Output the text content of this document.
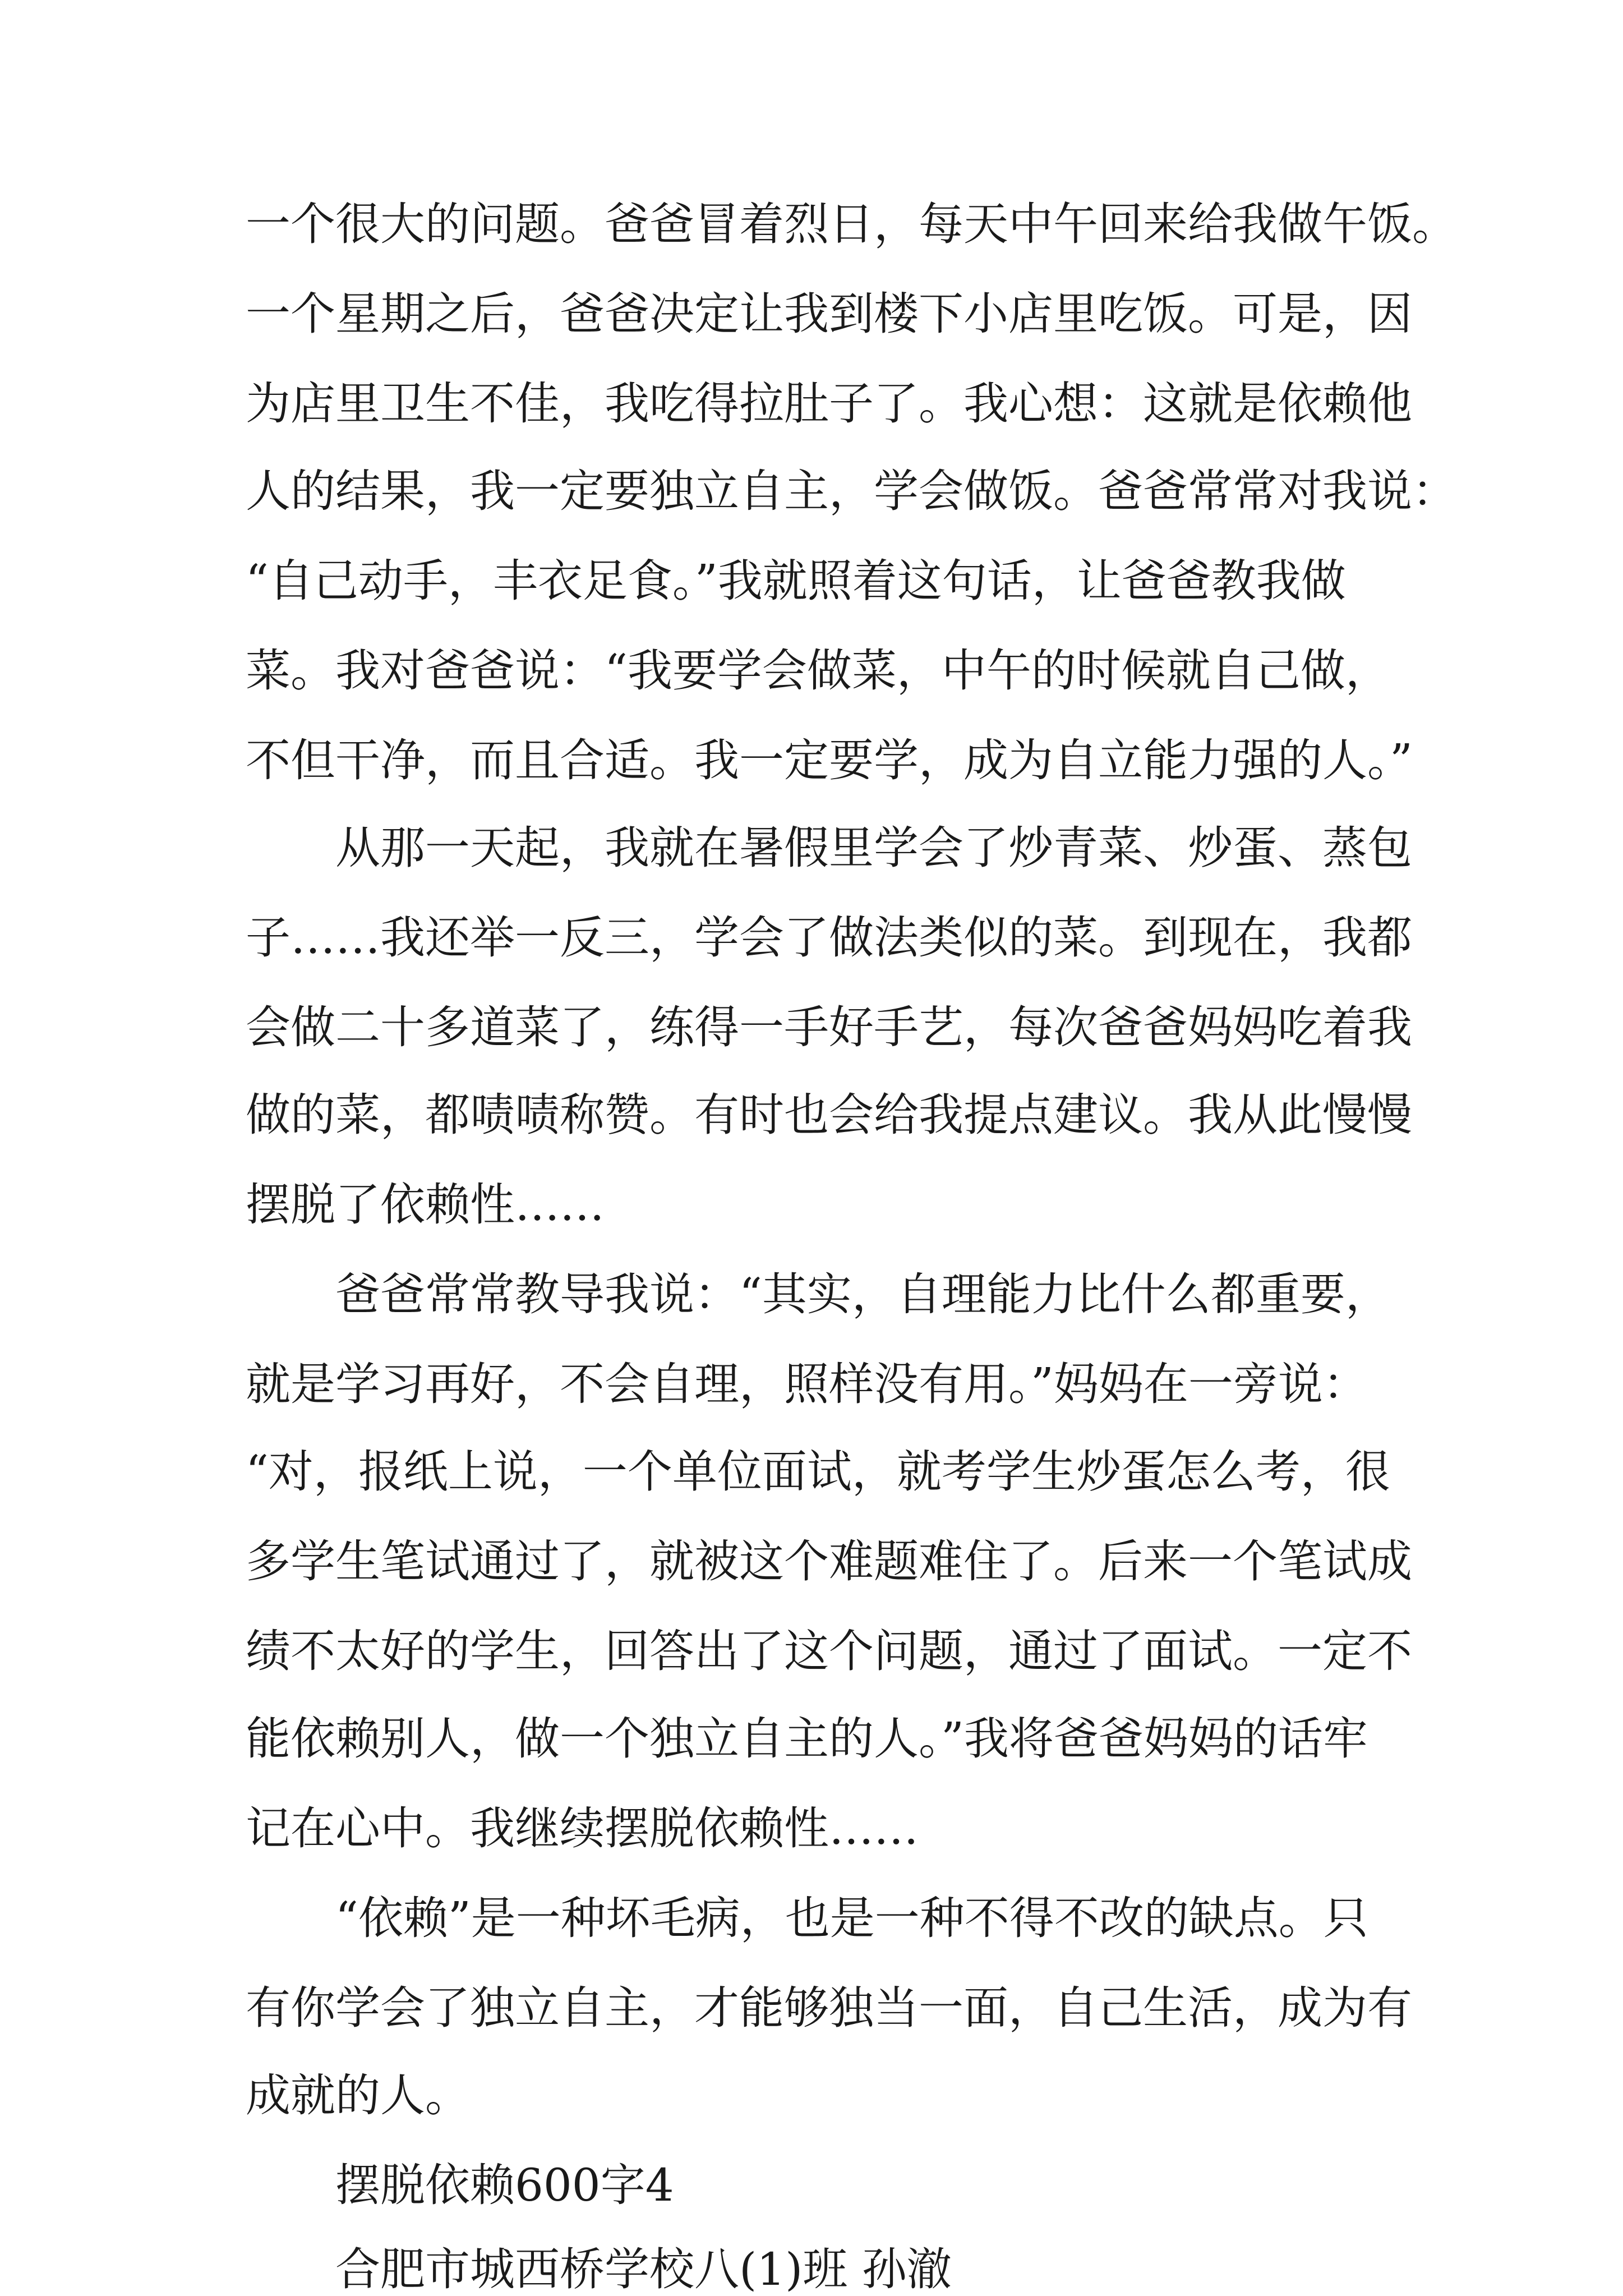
一个很大的问题。爸爸冒着烈日，每天中午回来给我做午饭。

一个星期之后，爸爸决定让我到楼下小店里吃饭。可是，因

为店里卫生不佳，我吃得拉肚子了。我心想：这就是依赖他

人的结果，我一定要独立自主，学会做饭。爸爸常常对我说：

“自己动手，丰衣足食。”我就照着这句话，让爸爸教我做

菜。我对爸爸说：“我要学会做菜，中午的时候就自己做，

不但干净，而且合适。我一定要学，成为自立能力强的人。”

从那一天起，我就在暑假里学会了炒青菜、炒蛋、蒸包

子……我还举一反三，学会了做法类似的菜。到现在，我都

会做二十多道菜了，练得一手好手艺，每次爸爸妈妈吃着我

做的菜，都啧啧称赞。有时也会给我提点建议。我从此慢慢

摆脱了依赖性……

爸爸常常教导我说：“其实，自理能力比什么都重要，

就是学习再好，不会自理，照样没有用。”妈妈在一旁说：

“对，报纸上说，一个单位面试，就考学生炒蛋怎么考，很

多学生笔试通过了，就被这个难题难住了。后来一个笔试成

绩不太好的学生，回答出了这个问题，通过了面试。一定不

能依赖别人，做一个独立自主的人。”我将爸爸妈妈的话牢

记在心中。我继续摆脱依赖性……

“依赖”是一种坏毛病，也是一种不得不改的缺点。只

有你学会了独立自主，才能够独当一面，自己生活，成为有

成就的人。

摆脱依赖600字4

合肥市城西桥学校八(1)班 孙澈
